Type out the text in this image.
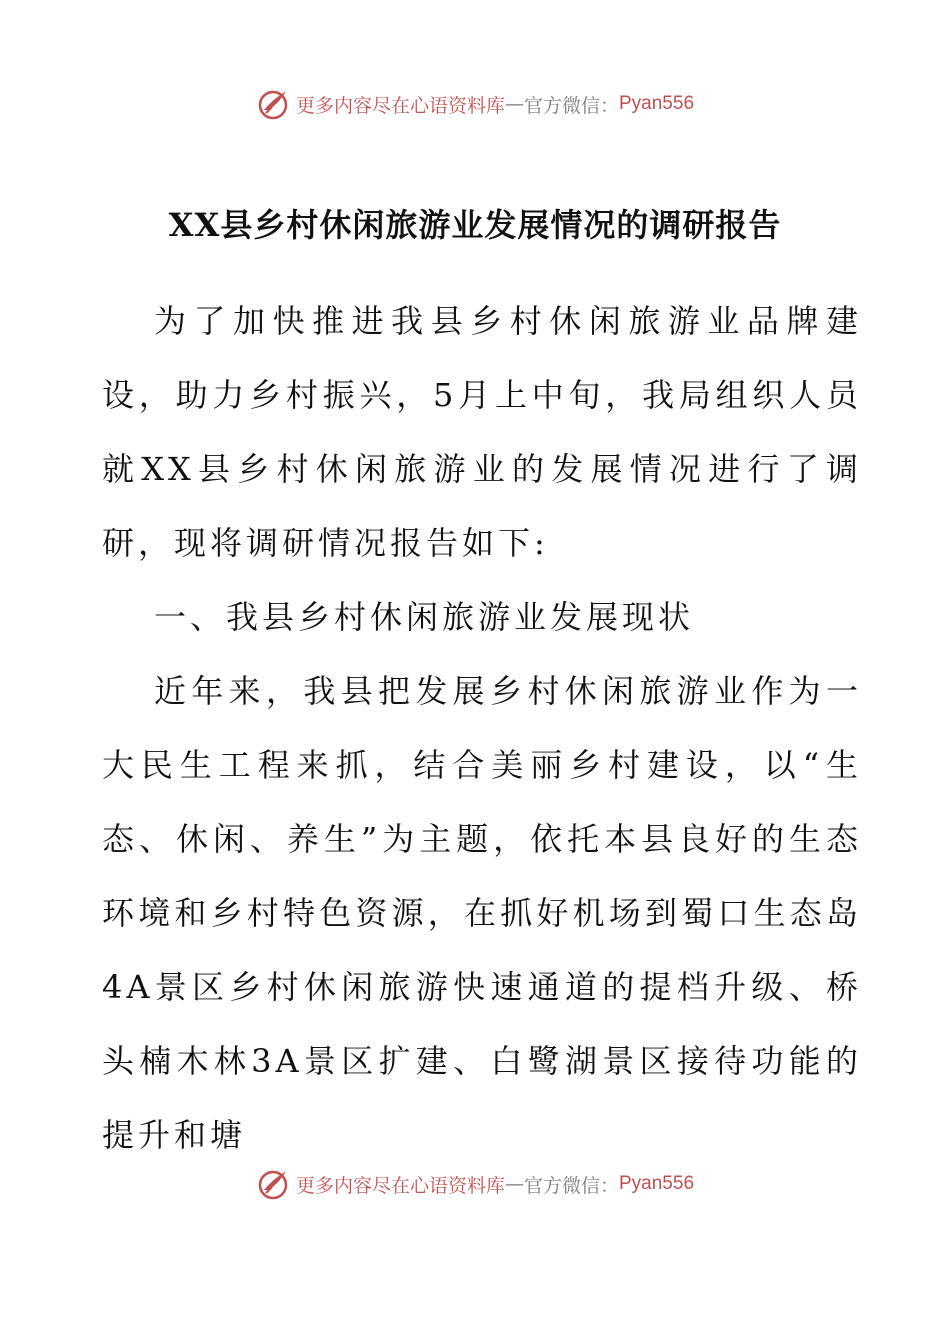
更多内容尽在心语资料库 — 官方微信： Pyan556
XX县乡村休闲旅游业发展情况的调研报告

为了加快推进我县乡村休闲旅游业品牌建设，助力乡村振兴，5月上中旬，我局组织人员就XX县乡村休闲旅游业的发展情况进行了调研，现将调研情况报告如下:

一、我县乡村休闲旅游业发展现状

近年来，我县把发展乡村休闲旅游业作为一大民生工程来抓，结合美丽乡村建设，以“生态、休闲、养生”为主题，依托本县良好的生态环境和乡村特色资源，在抓好机场到蜀口生态岛4A景区乡村休闲旅游快速通道的提档升级、桥头楠木林3A景区扩建、白鹭湖景区接待功能的提升和塘

更多内容尽在心语资料库 — 官方微信： Pyan556
